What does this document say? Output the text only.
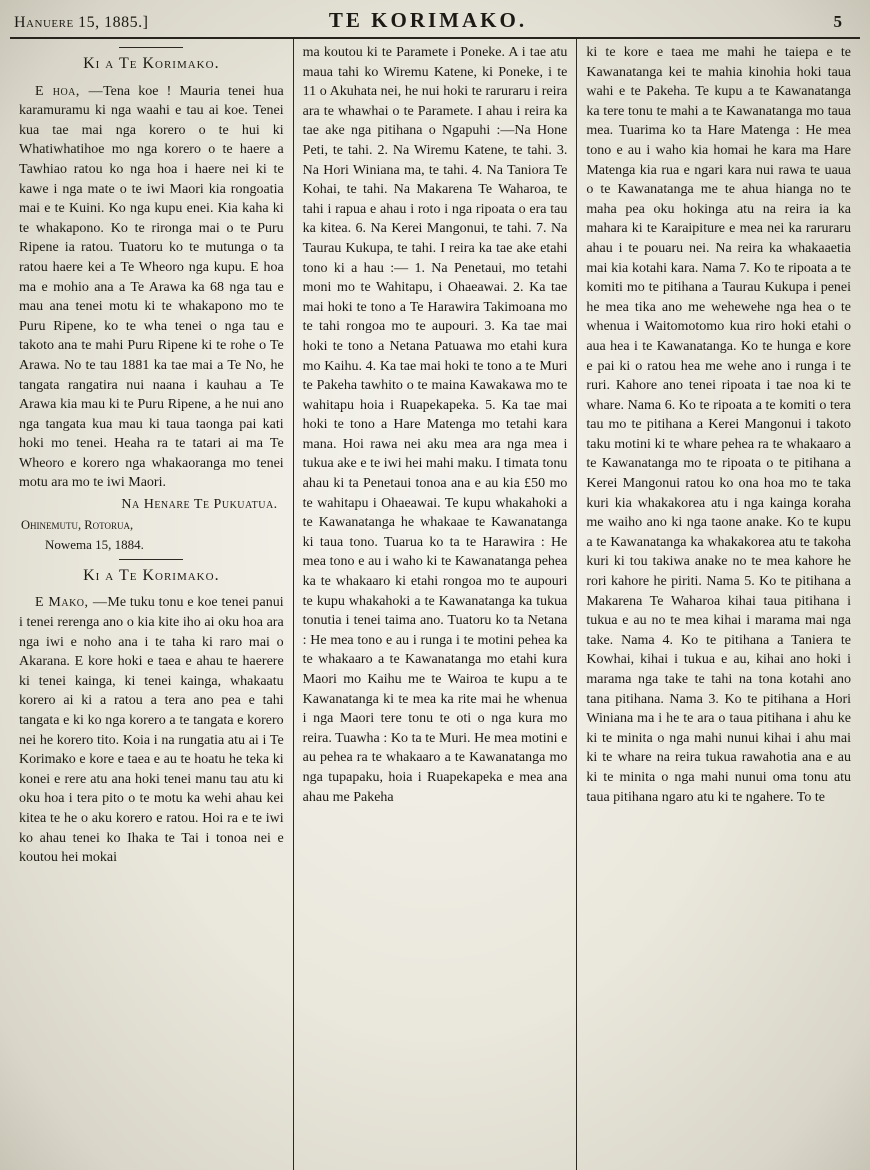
Hanuere 15, 1885.]	TE KORIMAKO.	5
Ki a Te Korimako.

E hoa, —Tena koe ! Mauria tenei hua karamuramu ki nga waahi e tau ai koe. Tenei kua tae mai nga korero o te hui ki Whatiwhatihoe mo nga korero o te haere a Tawhiao ratou ko nga hoa i haere nei ki te kawe i nga mate o te iwi Maori kia rongoatia mai e te Kuini. Ko nga kupu enei. Kia kaha ki te whakapono. Ko te rironga mai o te Puru Ripene ia ratou. Tuatoru ko te mutunga o ta ratou haere kei a Te Wheoro nga kupu. E hoa ma e mohio ana a Te Arawa ka 68 nga tau e mau ana tenei motu ki te whakapono mo te Puru Ripene, ko te wha tenei o nga tau e takoto ana te mahi Puru Ripene ki te rohe o Te Arawa. No te tau 1881 ka tae mai a Te No, he tangata rangatira nui naana i kauhau a Te Arawa kia mau ki te Puru Ripene, a he nui ano nga tangata kua mau ki taua taonga pai kati hoki mo tenei. Heaha ra te tatari ai ma Te Wheoro e korero nga whakaoranga mo tenei motu ara mo te iwi Maori.

Na Henare Te Pukuatua.
Ohinemutu, Rotorua,
Nowema 15, 1884.
Ki a Te Korimako.

E Mako, —Me tuku tonu e koe tenei panui i tenei rerenga ano o kia kite iho ai oku hoa ara nga iwi e noho ana i te taha ki raro mai o Akarana. E kore hoki e taea e ahau te haerere ki tenei kainga, ki tenei kainga, whakaatu korero ai ki a ratou a tera ano pea e tahi tangata e ki ko nga korero a te tangata e korero nei he korero tito. Koia i na rungatia atu ai i Te Korimako e kore e taea e au te hoatu he teka ki konei e rere atu ana hoki tenei manu tau atu ki oku hoa i tera pito o te motu ka wehi ahau kei kitea te he o aku korero e ratou. Hoi ra e te iwi ko ahau tenei ko Ihaka te Tai i tonoa nei e koutou hei mokai

ma koutou ki te Paramete i Poneke. A i tae atu maua tahi ko Wiremu Katene, ki Poneke, i te 11 o Akuhata nei, he nui hoki te raruraru i reira ara te whawhai o te Paramete. I ahau i reira ka tae ake nga pitihana o Ngapuhi :—Na Hone Peti, te tahi. 2. Na Wiremu Katene, te tahi. 3. Na Hori Winiana ma, te tahi. 4. Na Taniora Te Kohai, te tahi. Na Makarena Te Waharoa, te tahi i rapua e ahau i roto i nga ripoata o era tau ka kitea. 6. Na Kerei Mangonui, te tahi. 7. Na Taurau Kukupa, te tahi. I reira ka tae ake etahi tono ki a hau :— 1. Na Penetaui, mo tetahi moni mo te Wahitapu, i Ohaeawai. 2. Ka tae mai hoki te tono a Te Harawira Takimoana mo te tahi rongoa mo te aupouri. 3. Ka tae mai hoki te tono a Netana Patuawa mo etahi kura mo Kaihu. 4. Ka tae mai hoki te tono a te Muri te Pakeha tawhito o te maina Kawakawa mo te wahitapu hoia i Ruapekapeka. 5. Ka tae mai hoki te tono a Hare Matenga mo tetahi kara mana. Hoi rawa nei aku mea ara nga mea i tukua ake e te iwi hei mahi maku. I timata tonu ahau ki ta Penetaui tonoa ana e au kia £50 mo te wahitapu i Ohaeawai. Te kupu whakahoki a te Kawanatanga he whakaae te Kawanatanga ki taua tono. Tuarua ko ta te Harawira : He mea tono e au i waho ki te Kawanatanga pehea ka te whakaaro ki etahi rongoa mo te aupouri te kupu whakahoki a te Kawanatanga ka tukua tonutia i tenei taima ano. Tuatoru ko ta Netana : He mea tono e au i runga i te motini pehea ka te whakaaro a te Kawanatanga mo etahi kura Maori mo Kaihu me te Wairoa te kupu a te Kawanatanga ki te mea ka rite mai he whenua i nga Maori tere tonu te oti o nga kura mo reira. Tuawha : Ko ta te Muri. He mea motini e au pehea ra te whakaaro a te Kawanatanga mo nga tupapaku, hoia i Ruapekapeka e mea ana ahau me Pakeha

ki te kore e taea me mahi he taiepa e te Kawanatanga kei te mahia kinohia hoki taua wahi e te Pakeha. Te kupu a te Kawanatanga ka tere tonu te mahi a te Kawanatanga mo taua mea. Tuarima ko ta Hare Matenga : He mea tono e au i waho kia homai he kara ma Hare Matenga kia rua e ngari kara nui rawa te uaua o te Kawanatanga me te ahua hianga no te maha pea oku hokinga atu na reira ia ka mahara ki te Karaipiture e mea nei ka raruraru ahau i te pouaru nei. Na reira ka whakaaetia mai kia kotahi kara. Nama 7. Ko te ripoata a te komiti mo te pitihana a Taurau Kukupa i penei he mea tika ano me wehewehe nga hea o te whenua i Waitomotomo kua riro hoki etahi o aua hea i te Kawanatanga. Ko te hunga e kore e pai ki o ratou hea me wehe ano i runga i te ruri. Kahore ano tenei ripoata i tae noa ki te whare. Nama 6. Ko te ripoata a te komiti o tera tau mo te pitihana a Kerei Mangonui i takoto taku motini ki te whare pehea ra te whakaaro a te Kawanatanga mo te ripoata o te pitihana a Kerei Mangonui ratou ko ona hoa mo te taka kuri kia whakakorea atu i nga kainga koraha me waiho ano ki nga taone anake. Ko te kupu a te Kawanatanga ka whakakorea atu te takoha kuri ki tou takiwa anake no te mea kahore he rori kahore he piriti. Nama 5. Ko te pitihana a Makarena Te Waharoa kihai taua pitihana i tukua e au no te mea kihai i marama mai nga take. Nama 4. Ko te pitihana a Taniera te Kowhai, kihai i tukua e au, kihai ano hoki i marama nga take te tahi na tona kotahi ano tana pitihana. Nama 3. Ko te pitihana a Hori Winiana ma i he te ara o taua pitihana i ahu ke ki te minita o nga mahi nunui kihai i ahu mai ki te whare na reira tukua rawahotia ana e au ki te minita o nga mahi nunui oma tonu atu taua pitihana ngaro atu ki te ngahere. To te
